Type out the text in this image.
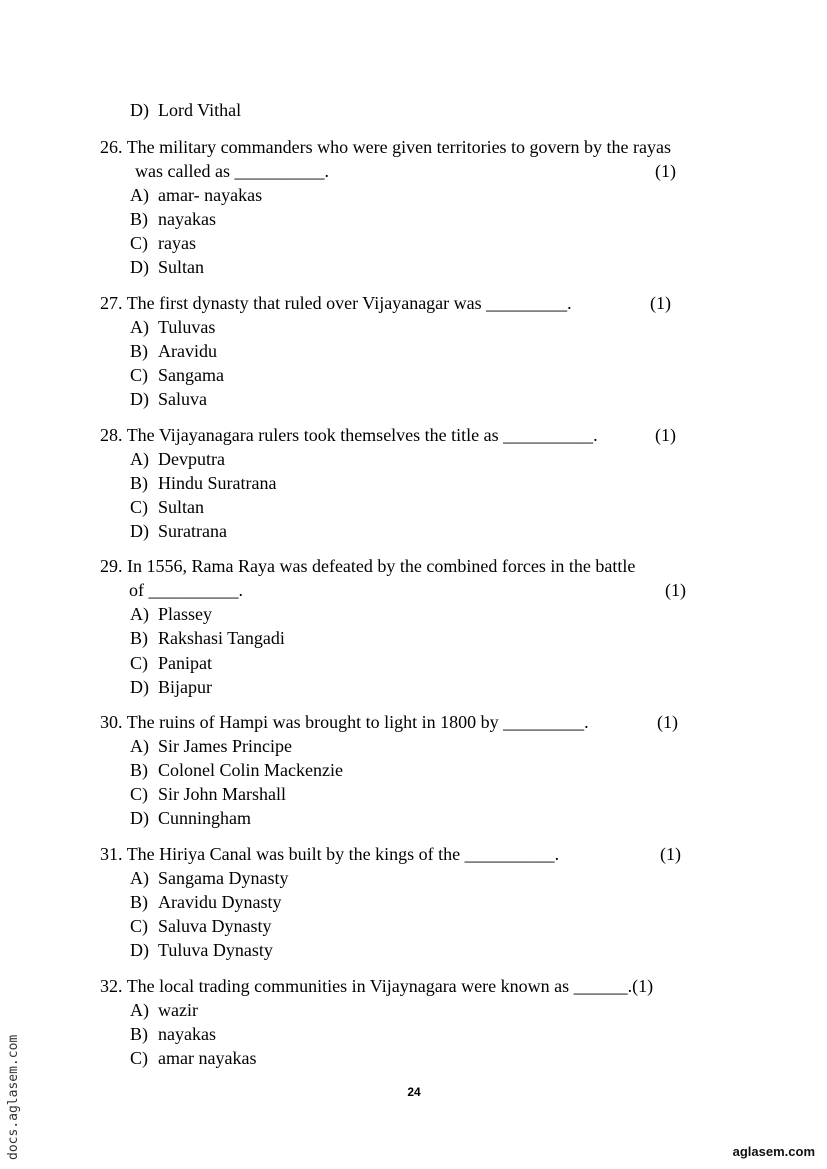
D) Lord Vithal
26. The military commanders who were given territories to govern by the rayas
was called as __________.	(1)
A) amar- nayakas
B) nayakas
C) rayas
D) Sultan
27. The first dynasty that ruled over Vijayanagar was _________.	(1)
A) Tuluvas
B) Aravidu
C) Sangama
D) Saluva
28. The Vijayanagara rulers took themselves the title as __________.	(1)
A) Devputra
B) Hindu Suratrana
C) Sultan
D) Suratrana
29. In 1556, Rama Raya was defeated by the combined forces in the battle
of __________.	(1)
A) Plassey
B) Rakshasi Tangadi
C) Panipat
D) Bijapur
30. The ruins of Hampi was brought to light in 1800 by _________.	(1)
A) Sir James Principe
B) Colonel Colin Mackenzie
C) Sir John Marshall
D) Cunningham
31. The Hiriya Canal was built by the kings of the __________.	(1)
A) Sangama Dynasty
B) Aravidu Dynasty
C) Saluva Dynasty
D) Tuluva Dynasty
32. The local trading communities in Vijaynagara were known as ______.(1)
A) wazir
B) nayakas
C) amar nayakas
24
docs.aglasem.com	aglasem.com
